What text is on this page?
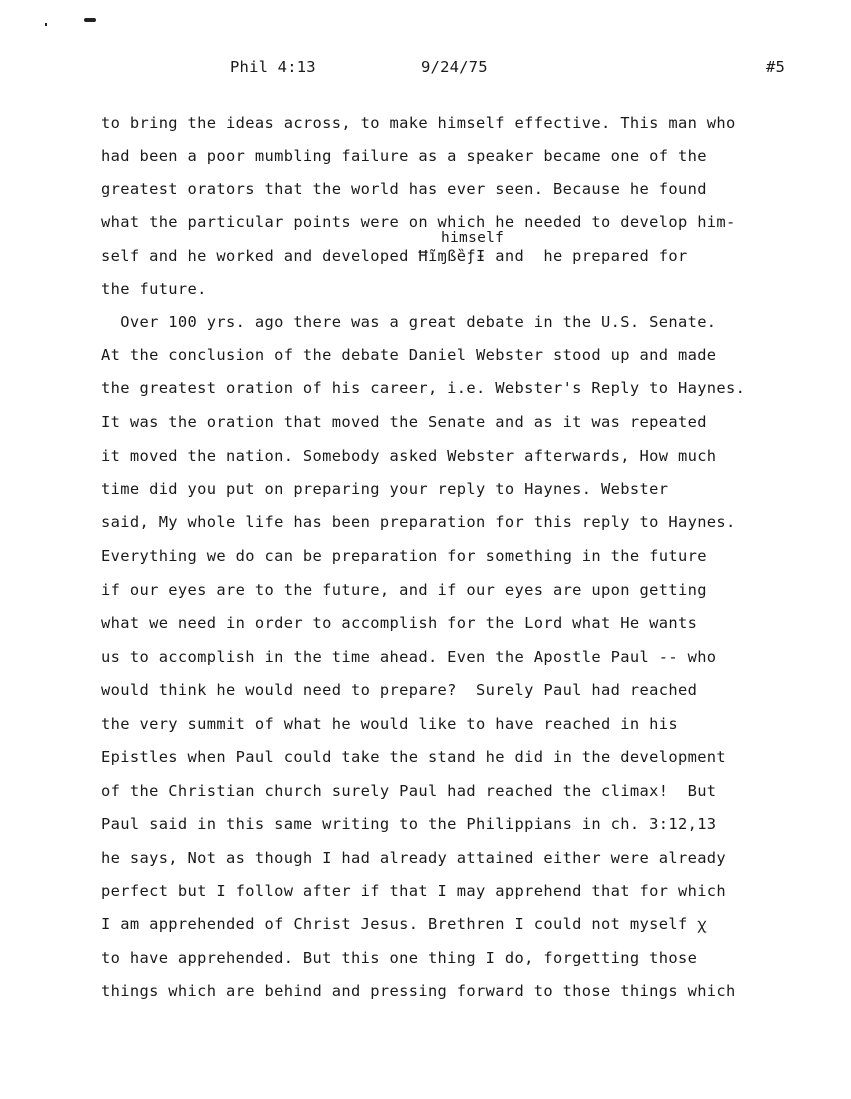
Phil 4:13	9/24/75	#5
to bring the ideas across, to make himself effective. This man who
had been a poor mumbling failure as a speaker became one of the
greatest orators that the world has ever seen. Because he found
what the particular points were on which he needed to develop him-
himself
self and he worked and developed ĦĩɱßȅƒƗ and  he prepared for
the future.
Over 100 yrs. ago there was a great debate in the U.S. Senate.
At the conclusion of the debate Daniel Webster stood up and made
the greatest oration of his career, i.e. Webster's Reply to Haynes.
It was the oration that moved the Senate and as it was repeated
it moved the nation. Somebody asked Webster afterwards, How much
time did you put on preparing your reply to Haynes. Webster
said, My whole life has been preparation for this reply to Haynes.
Everything we do can be preparation for something in the future
if our eyes are to the future, and if our eyes are upon getting
what we need in order to accomplish for the Lord what He wants
us to accomplish in the time ahead. Even the Apostle Paul -- who
would think he would need to prepare?  Surely Paul had reached
the very summit of what he would like to have reached in his
Epistles when Paul could take the stand he did in the development
of the Christian church surely Paul had reached the climax!  But
Paul said in this same writing to the Philippians in ch. 3:12,13
he says, Not as though I had already attained either were already
perfect but I follow after if that I may apprehend that for which
I am apprehended of Christ Jesus. Brethren I could not myself ꭓ
to have apprehended. But this one thing I do, forgetting those
things which are behind and pressing forward to those things which
